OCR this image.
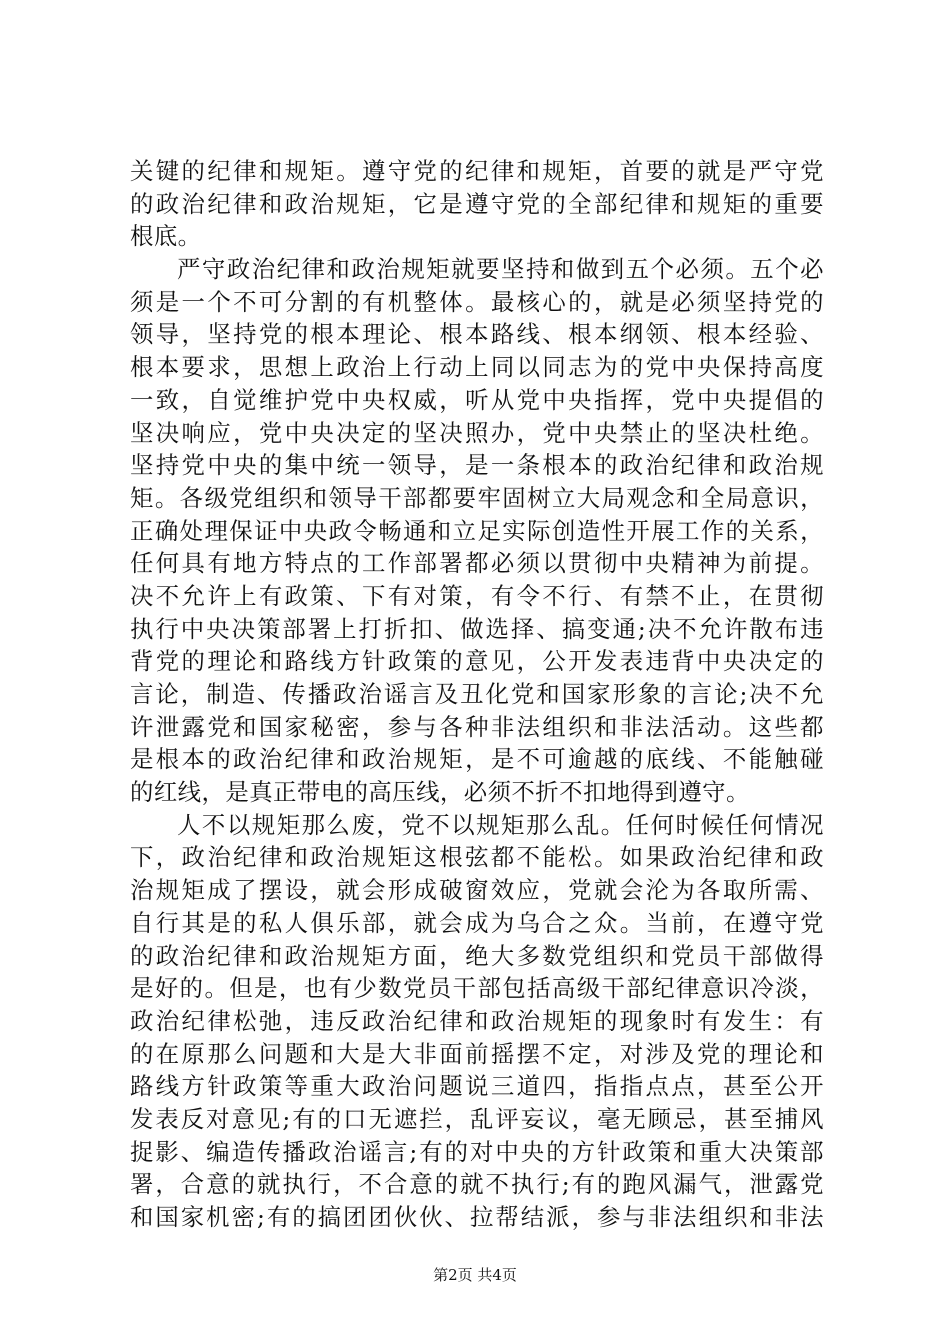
关键的纪律和规矩。遵守党的纪律和规矩，首要的就是严守党
的政治纪律和政治规矩，它是遵守党的全部纪律和规矩的重要
根底。
严守政治纪律和政治规矩就要坚持和做到五个必须。五个必
须是一个不可分割的有机整体。最核心的，就是必须坚持党的
领导，坚持党的根本理论、根本路线、根本纲领、根本经验、
根本要求，思想上政治上行动上同以同志为的党中央保持高度
一致，自觉维护党中央权威，听从党中央指挥，党中央提倡的
坚决响应，党中央决定的坚决照办，党中央禁止的坚决杜绝。
坚持党中央的集中统一领导，是一条根本的政治纪律和政治规
矩。各级党组织和领导干部都要牢固树立大局观念和全局意识，
正确处理保证中央政令畅通和立足实际创造性开展工作的关系，
任何具有地方特点的工作部署都必须以贯彻中央精神为前提。
决不允许上有政策、下有对策，有令不行、有禁不止，在贯彻
执行中央决策部署上打折扣、做选择、搞变通;决不允许散布违
背党的理论和路线方针政策的意见，公开发表违背中央决定的
言论，制造、传播政治谣言及丑化党和国家形象的言论;决不允
许泄露党和国家秘密，参与各种非法组织和非法活动。这些都
是根本的政治纪律和政治规矩，是不可逾越的底线、不能触碰
的红线，是真正带电的高压线，必须不折不扣地得到遵守。
人不以规矩那么废，党不以规矩那么乱。任何时候任何情况
下，政治纪律和政治规矩这根弦都不能松。如果政治纪律和政
治规矩成了摆设，就会形成破窗效应，党就会沦为各取所需、
自行其是的私人俱乐部，就会成为乌合之众。当前，在遵守党
的政治纪律和政治规矩方面，绝大多数党组织和党员干部做得
是好的。但是，也有少数党员干部包括高级干部纪律意识冷淡，
政治纪律松弛，违反政治纪律和政治规矩的现象时有发生：有
的在原那么问题和大是大非面前摇摆不定，对涉及党的理论和
路线方针政策等重大政治问题说三道四，指指点点，甚至公开
发表反对意见;有的口无遮拦，乱评妄议，毫无顾忌，甚至捕风
捉影、编造传播政治谣言;有的对中央的方针政策和重大决策部
署，合意的就执行，不合意的就不执行;有的跑风漏气，泄露党
和国家机密;有的搞团团伙伙、拉帮结派，参与非法组织和非法
第2页 共4页
